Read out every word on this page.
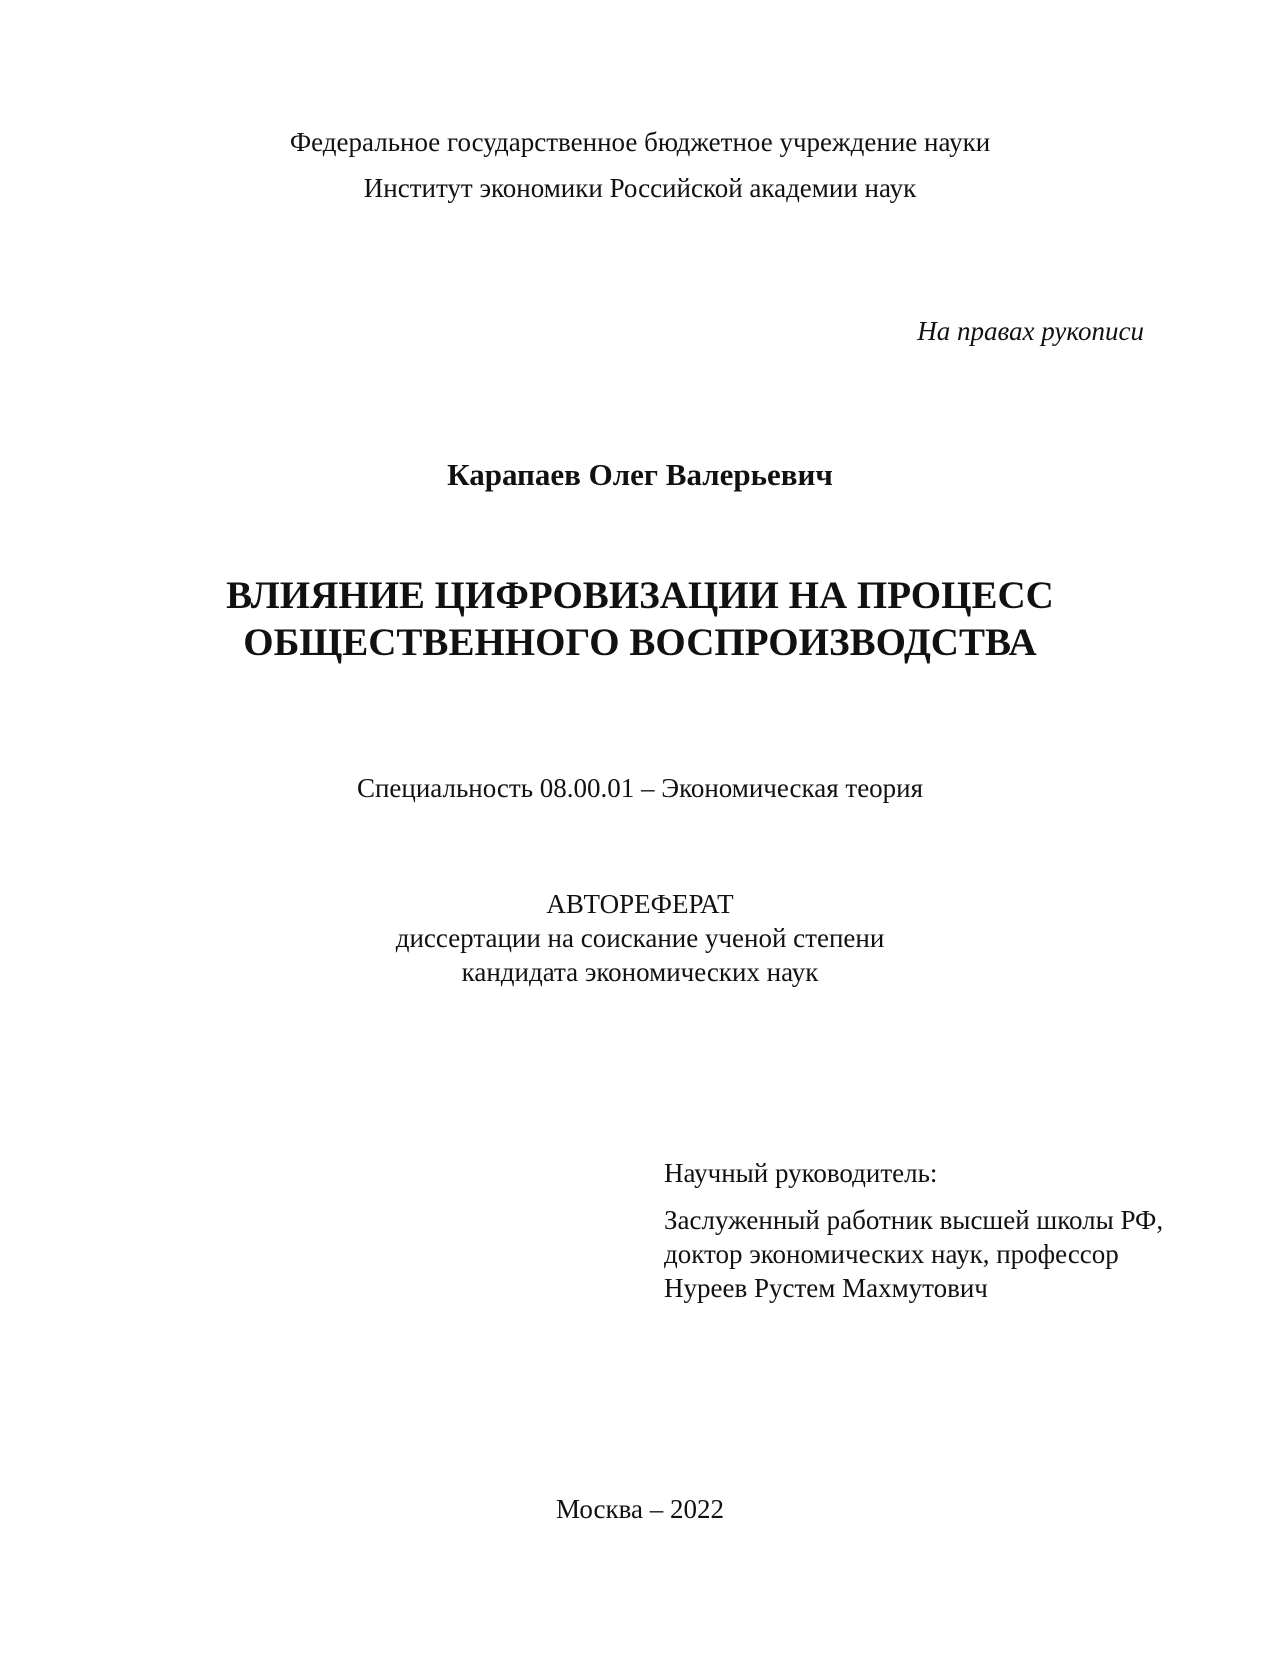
Федеральное государственное бюджетное учреждение науки
Институт экономики Российской академии наук
На правах рукописи
Карапаев Олег Валерьевич
ВЛИЯНИЕ ЦИФРОВИЗАЦИИ НА ПРОЦЕСС
ОБЩЕСТВЕННОГО ВОСПРОИЗВОДСТВА
Специальность 08.00.01 – Экономическая теория
АВТОРЕФЕРАТ
диссертации на соискание ученой степени
кандидата экономических наук
Научный руководитель:
Заслуженный работник высшей школы РФ,
доктор экономических наук, профессор
Нуреев Рустем Махмутович
Москва – 2022
